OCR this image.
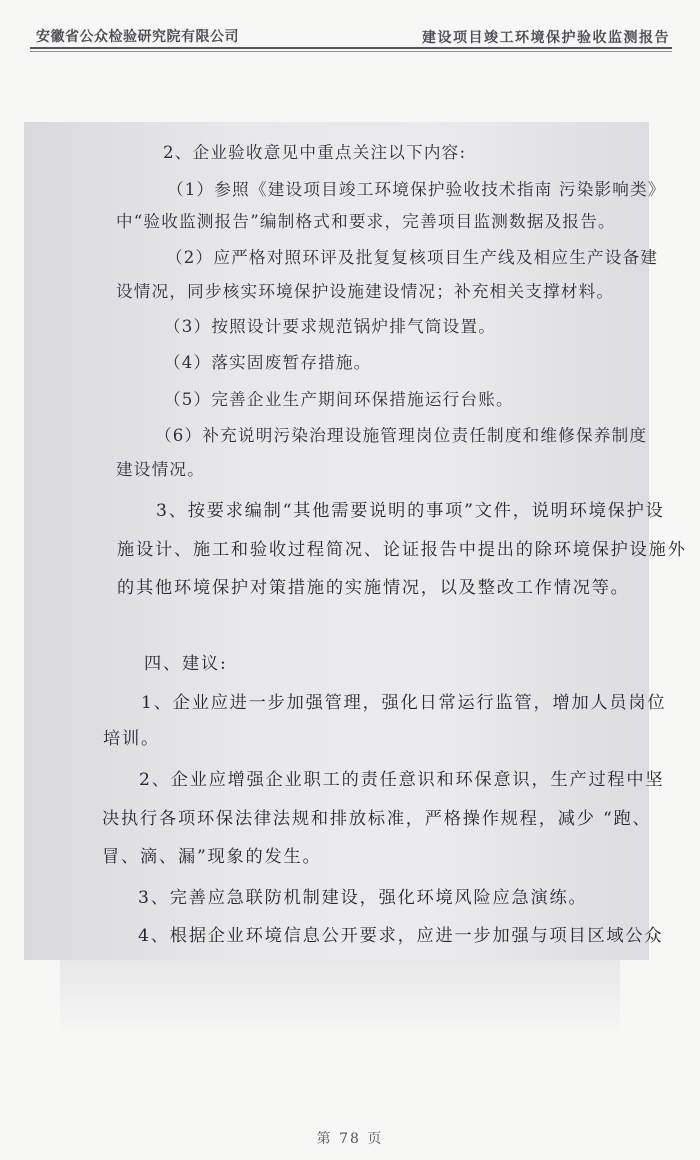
安徽省公众检验研究院有限公司	建设项目竣工环境保护验收监测报告
2、企业验收意见中重点关注以下内容:
（1）参照《建设项目竣工环境保护验收技术指南 污染影响类》
中“验收监测报告”编制格式和要求，完善项目监测数据及报告。
（2）应严格对照环评及批复复核项目生产线及相应生产设备建
设情况，同步核实环境保护设施建设情况；补充相关支撑材料。
（3）按照设计要求规范锅炉排气筒设置。
（4）落实固废暂存措施。
（5）完善企业生产期间环保措施运行台账。
（6）补充说明污染治理设施管理岗位责任制度和维修保养制度
建设情况。
3、按要求编制“其他需要说明的事项”文件，说明环境保护设
施设计、施工和验收过程简况、论证报告中提出的除环境保护设施外
的其他环境保护对策措施的实施情况，以及整改工作情况等。
四、建议:
1、企业应进一步加强管理，强化日常运行监管，增加人员岗位
培训。
2、企业应增强企业职工的责任意识和环保意识，生产过程中坚
决执行各项环保法律法规和排放标准，严格操作规程，减少 “跑、
冒、滴、漏”现象的发生。
3、完善应急联防机制建设，强化环境风险应急演练。
4、根据企业环境信息公开要求，应进一步加强与项目区域公众
第 78 页
